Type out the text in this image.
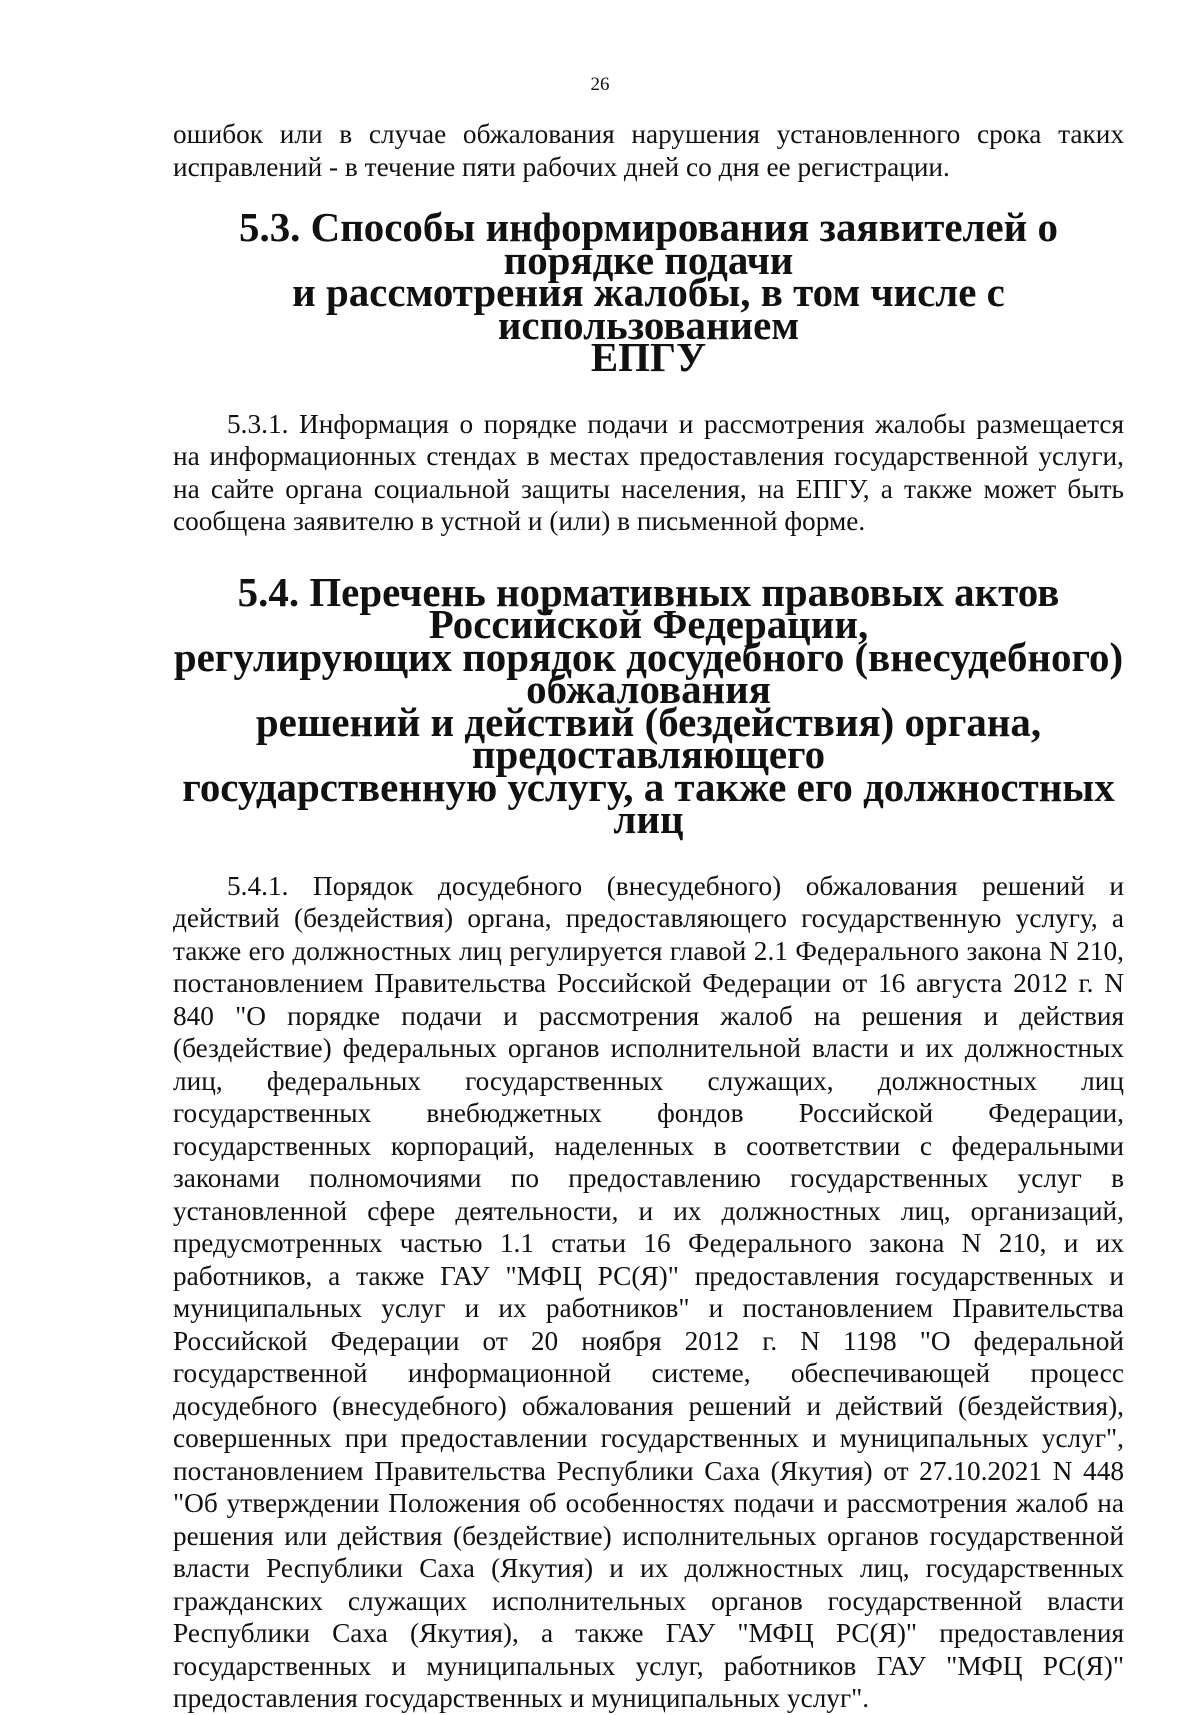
26

ошибок или в случае обжалования нарушения установленного срока таких исправлений - в течение пяти рабочих дней со дня ее регистрации.

5.3. Способы информирования заявителей о порядке подачи
и рассмотрения жалобы, в том числе с использованием
ЕПГУ

5.3.1. Информация о порядке подачи и рассмотрения жалобы размещается на информационных стендах в местах предоставления государственной услуги, на сайте органа социальной защиты населения, на ЕПГУ, а также может быть сообщена заявителю в устной и (или) в письменной форме.

5.4. Перечень нормативных правовых актов Российской Федерации,
регулирующих порядок досудебного (внесудебного) обжалования
решений и действий (бездействия) органа, предоставляющего
государственную услугу, а также его должностных лиц

5.4.1. Порядок досудебного (внесудебного) обжалования решений и действий (бездействия) органа, предоставляющего государственную услугу, а также его должностных лиц регулируется главой 2.1 Федерального закона N 210, постановлением Правительства Российской Федерации от 16 августа 2012 г. N 840 "О порядке подачи и рассмотрения жалоб на решения и действия (бездействие) федеральных органов исполнительной власти и их должностных лиц, федеральных государственных служащих, должностных лиц государственных внебюджетных фондов Российской Федерации, государственных корпораций, наделенных в соответствии с федеральными законами полномочиями по предоставлению государственных услуг в установленной сфере деятельности, и их должностных лиц, организаций, предусмотренных частью 1.1 статьи 16 Федерального закона N 210, и их работников, а также ГАУ "МФЦ РС(Я)" предоставления государственных и муниципальных услуг и их работников" и постановлением Правительства Российской Федерации от 20 ноября 2012 г. N 1198 "О федеральной государственной информационной системе, обеспечивающей процесс досудебного (внесудебного) обжалования решений и действий (бездействия), совершенных при предоставлении государственных и муниципальных услуг", постановлением Правительства Республики Саха (Якутия) от 27.10.2021 N 448 "Об утверждении Положения об особенностях подачи и рассмотрения жалоб на решения или действия (бездействие) исполнительных органов государственной власти Республики Саха (Якутия) и их должностных лиц, государственных гражданских служащих исполнительных органов государственной власти Республики Саха (Якутия), а также ГАУ "МФЦ РС(Я)" предоставления государственных и муниципальных услуг, работников ГАУ "МФЦ РС(Я)" предоставления государственных и муниципальных услуг".
